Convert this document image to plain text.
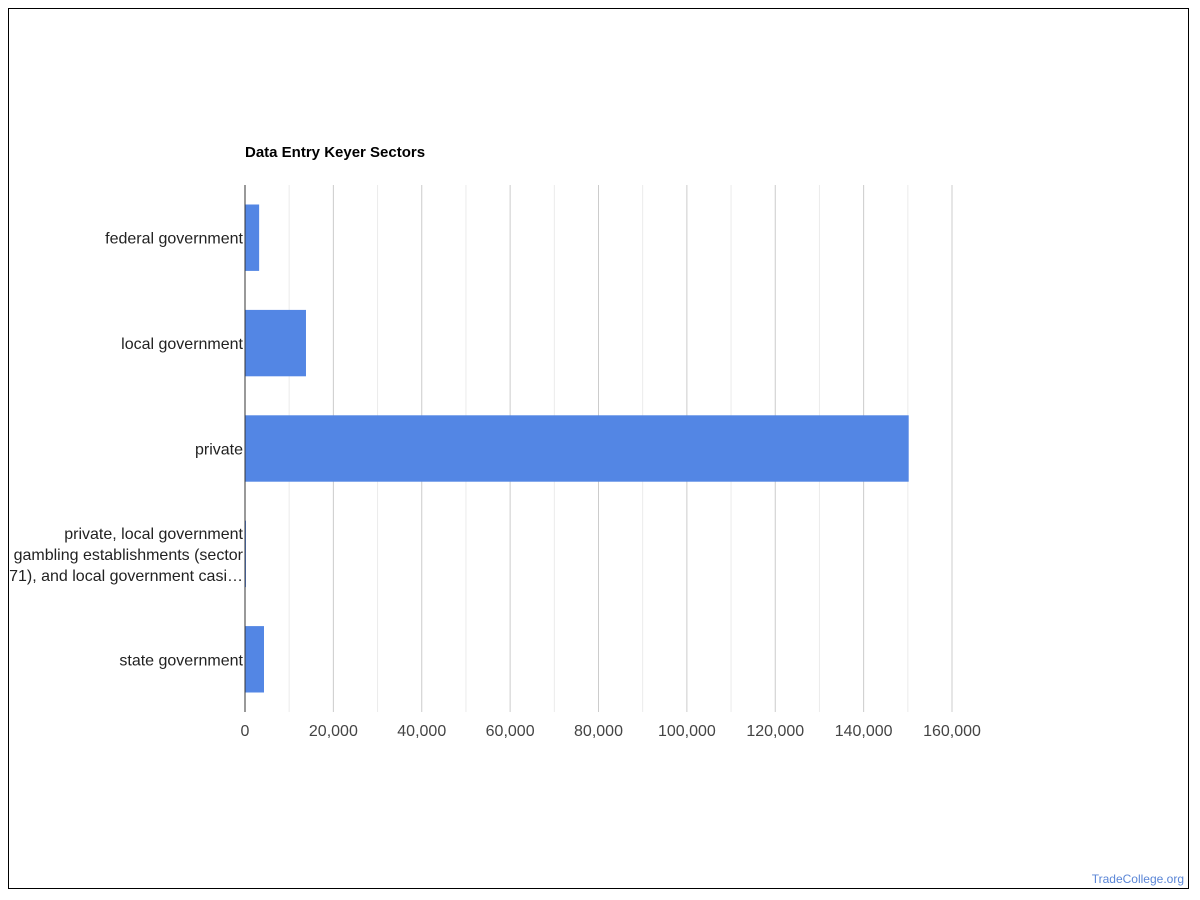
Data Entry Keyer Sectors
federal government
local government
private
private, local government gambling establishments (sector 71), and local government casi…
state government
0	20,000 40,000 60,000 80,000 100,000 120,000 140,000 160,000
TradeCollege.org
